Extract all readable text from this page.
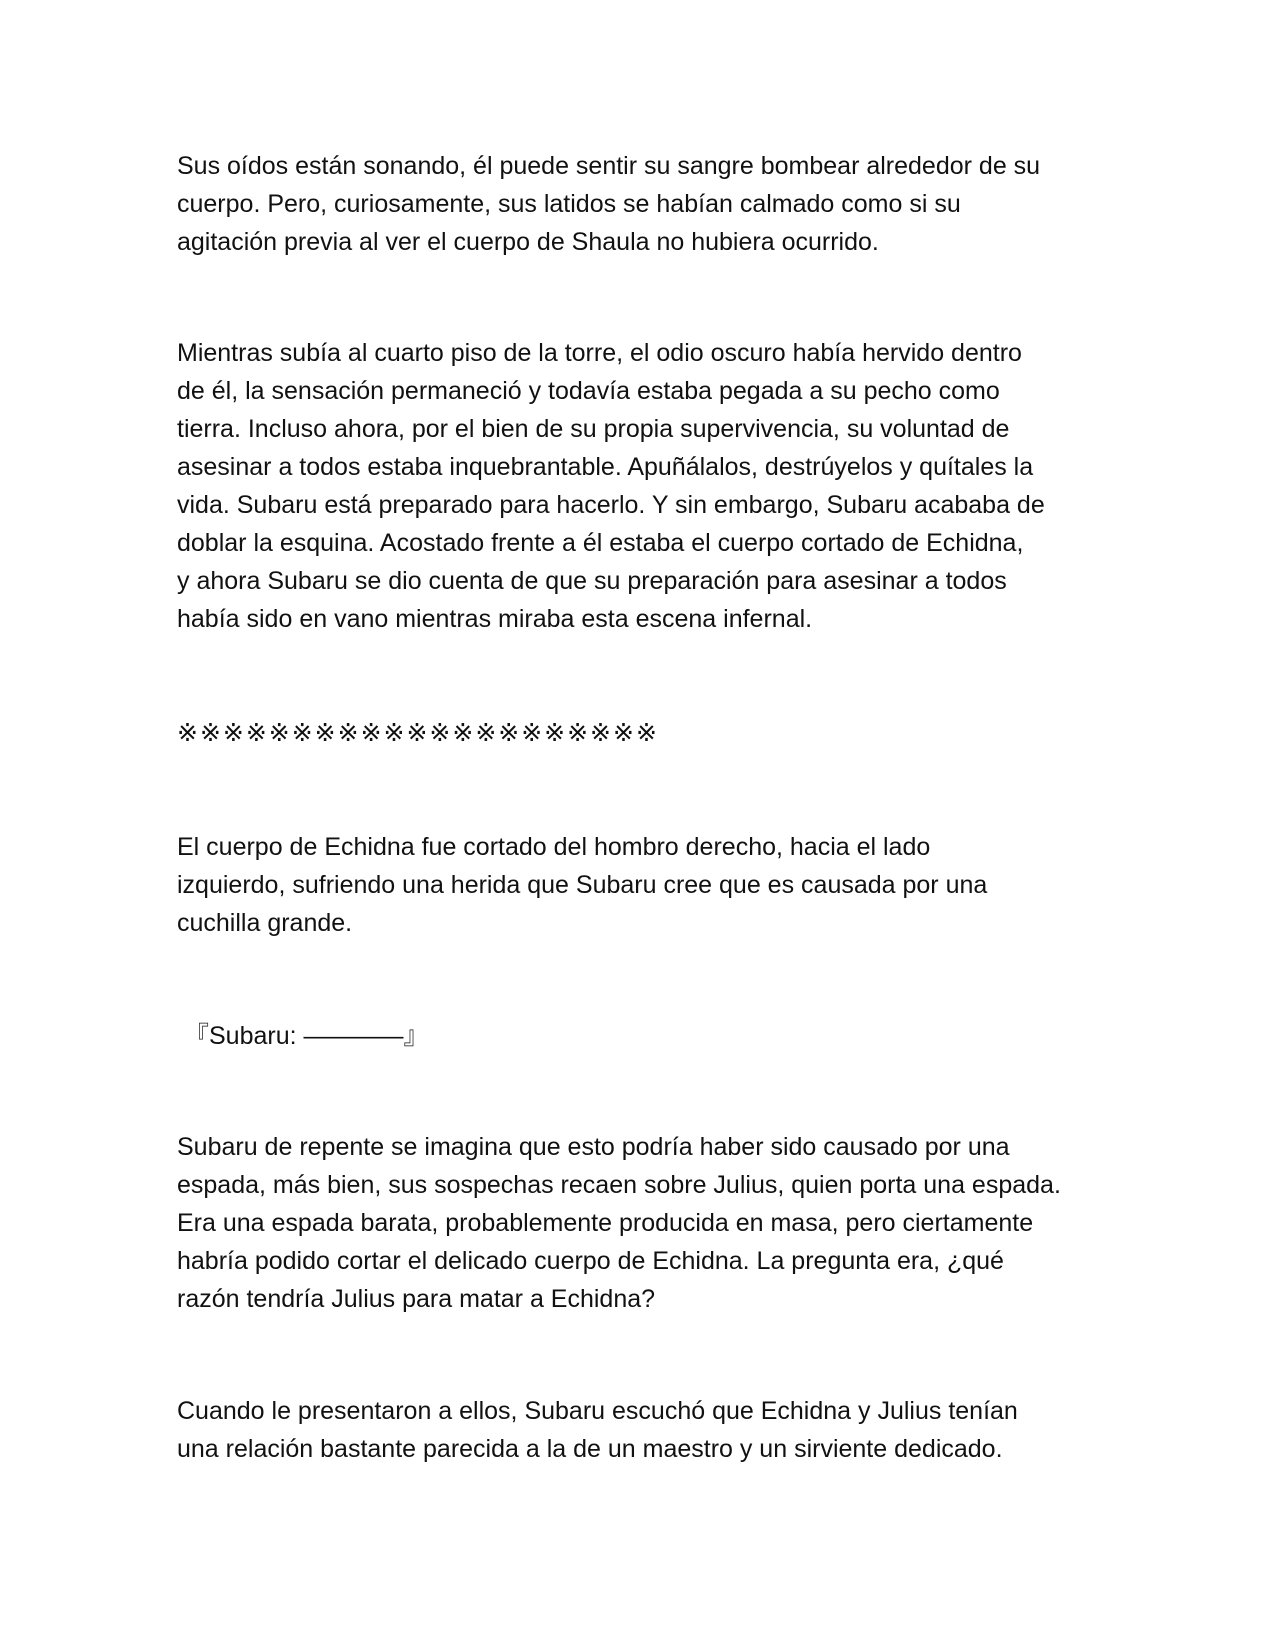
Sus oídos están sonando, él puede sentir su sangre bombear alrededor de su
cuerpo. Pero, curiosamente, sus latidos se habían calmado como si su
agitación previa al ver el cuerpo de Shaula no hubiera ocurrido.

Mientras subía al cuarto piso de la torre, el odio oscuro había hervido dentro
de él, la sensación permaneció y todavía estaba pegada a su pecho como
tierra. Incluso ahora, por el bien de su propia supervivencia, su voluntad de
asesinar a todos estaba inquebrantable. Apuñálalos, destrúyelos y quítales la
vida. Subaru está preparado para hacerlo. Y sin embargo, Subaru acababa de
doblar la esquina. Acostado frente a él estaba el cuerpo cortado de Echidna,
y ahora Subaru se dio cuenta de que su preparación para asesinar a todos
había sido en vano mientras miraba esta escena infernal.

※※※※※※※※※※※※※※※※※※※※※

El cuerpo de Echidna fue cortado del hombro derecho, hacia el lado
izquierdo, sufriendo una herida que Subaru cree que es causada por una
cuchilla grande.

『Subaru: ————』

Subaru de repente se imagina que esto podría haber sido causado por una
espada, más bien, sus sospechas recaen sobre Julius, quien porta una espada.
Era una espada barata, probablemente producida en masa, pero ciertamente
habría podido cortar el delicado cuerpo de Echidna. La pregunta era, ¿qué
razón tendría Julius para matar a Echidna?

Cuando le presentaron a ellos, Subaru escuchó que Echidna y Julius tenían
una relación bastante parecida a la de un maestro y un sirviente dedicado.
